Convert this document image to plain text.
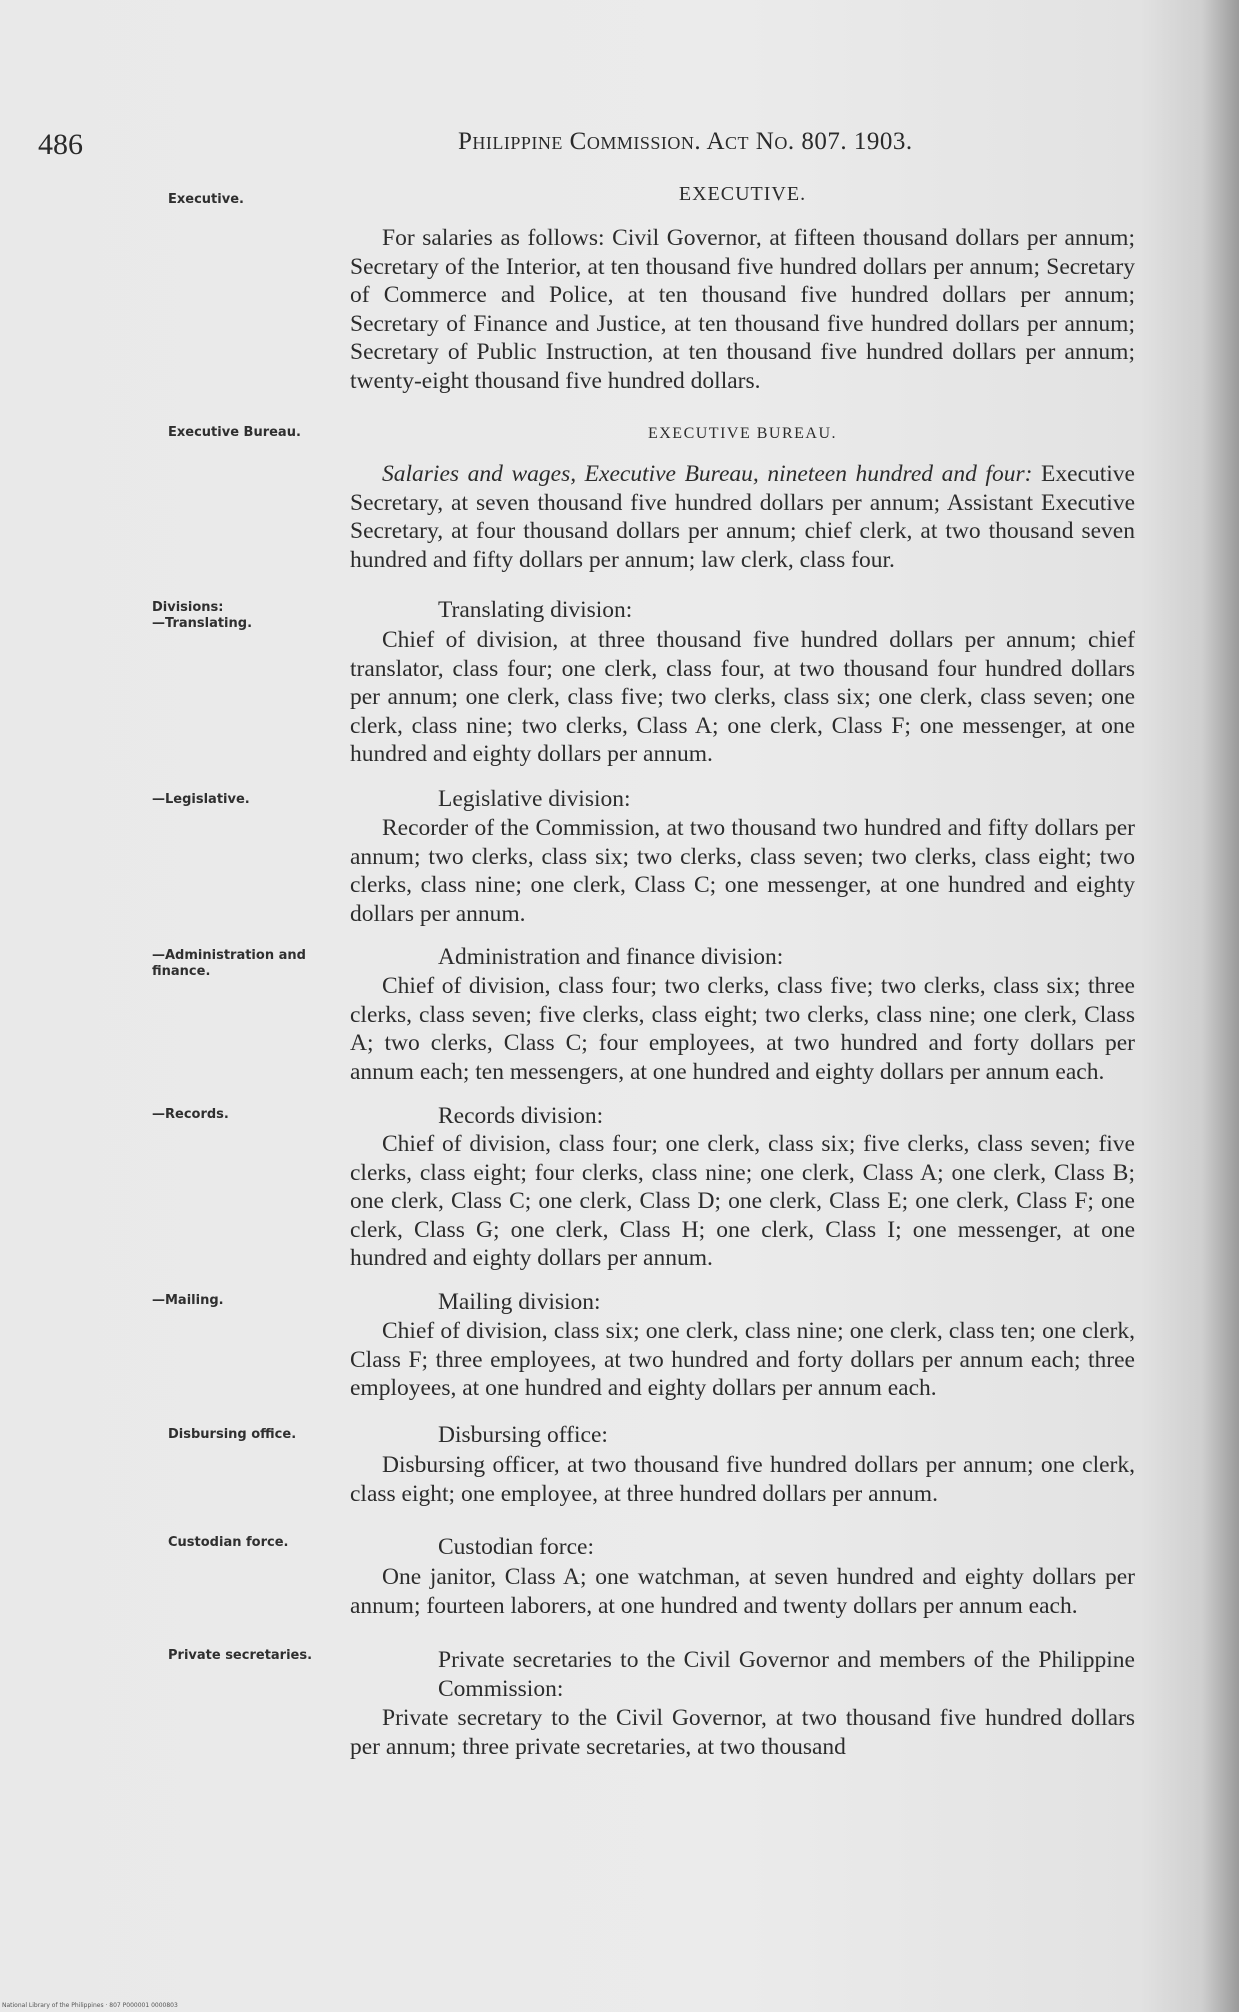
486	Philippine Commission. Act No. 807. 1903.
Executive.	EXECUTIVE.
For salaries as follows: Civil Governor, at fifteen thousand dollars per annum; Secretary of the Interior, at ten thousand five hundred dollars per annum; Secretary of Commerce and Police, at ten thousand five hundred dollars per annum; Secretary of Finance and Justice, at ten thousand five hundred dollars per annum; Secretary of Public Instruction, at ten thousand five hundred dollars per annum; twenty-eight thousand five hundred dollars.
Executive Bureau.	EXECUTIVE BUREAU.
Salaries and wages, Executive Bureau, nineteen hundred and four: Executive Secretary, at seven thousand five hundred dollars per annum; Assistant Executive Secretary, at four thousand dollars per annum; chief clerk, at two thousand seven hundred and fifty dollars per annum; law clerk, class four.
Divisions:
—Translating.
Translating division:
Chief of division, at three thousand five hundred dollars per annum; chief translator, class four; one clerk, class four, at two thousand four hundred dollars per annum; one clerk, class five; two clerks, class six; one clerk, class seven; one clerk, class nine; two clerks, Class A; one clerk, Class F; one messenger, at one hundred and eighty dollars per annum.
—Legislative.	Legislative division:
Recorder of the Commission, at two thousand two hundred and fifty dollars per annum; two clerks, class six; two clerks, class seven; two clerks, class eight; two clerks, class nine; one clerk, Class C; one messenger, at one hundred and eighty dollars per annum.
—Administration and
finance.
Administration and finance division:
Chief of division, class four; two clerks, class five; two clerks, class six; three clerks, class seven; five clerks, class eight; two clerks, class nine; one clerk, Class A; two clerks, Class C; four employees, at two hundred and forty dollars per annum each; ten messengers, at one hundred and eighty dollars per annum each.
—Records.	Records division:
Chief of division, class four; one clerk, class six; five clerks, class seven; five clerks, class eight; four clerks, class nine; one clerk, Class A; one clerk, Class B; one clerk, Class C; one clerk, Class D; one clerk, Class E; one clerk, Class F; one clerk, Class G; one clerk, Class H; one clerk, Class I; one messenger, at one hundred and eighty dollars per annum.
—Mailing.	Mailing division:
Chief of division, class six; one clerk, class nine; one clerk, class ten; one clerk, Class F; three employees, at two hundred and forty dollars per annum each; three employees, at one hundred and eighty dollars per annum each.
Disbursing office.	Disbursing office:
Disbursing officer, at two thousand five hundred dollars per annum; one clerk, class eight; one employee, at three hundred dollars per annum.
Custodian force.	Custodian force:
One janitor, Class A; one watchman, at seven hundred and eighty dollars per annum; fourteen laborers, at one hundred and twenty dollars per annum each.
Private secretaries.	Private secretaries to the Civil Governor and members of the Philippine Commission:
Private secretary to the Civil Governor, at two thousand five hundred dollars per annum; three private secretaries, at two thousand
National Library of the Philippines · 807 P000001 0000803
